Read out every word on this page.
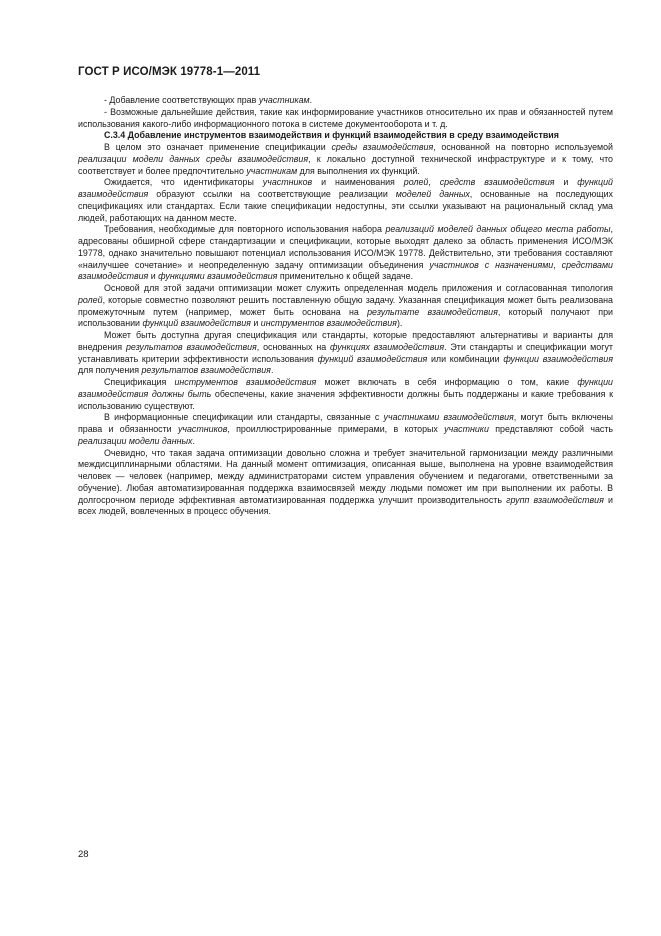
ГОСТ Р ИСО/МЭК 19778-1—2011

- Добавление соответствующих прав участникам.

- Возможные дальнейшие действия, такие как информирование участников относительно их прав и обязанностей путем использования какого-либо информационного потока в системе документооборота и т. д.

С.3.4 Добавление инструментов взаимодействия и функций взаимодействия в среду взаимодействия

В целом это означает применение спецификации среды взаимодействия, основанной на повторно используемой реализации модели данных среды взаимодействия, к локально доступной технической инфраструктуре и к тому, что соответствует и более предпочтительно участникам для выполнения их функций.

Ожидается, что идентификаторы участников и наименования ролей, средств взаимодействия и функций взаимодействия образуют ссылки на соответствующие реализации моделей данных, основанные на последующих спецификациях или стандартах. Если такие спецификации недоступны, эти ссылки указывают на рациональный склад ума людей, работающих на данном месте.

Требования, необходимые для повторного использования набора реализаций моделей данных общего места работы, адресованы обширной сфере стандартизации и спецификации, которые выходят далеко за область применения ИСО/МЭК 19778, однако значительно повышают потенциал использования ИСО/МЭК 19778. Действительно, эти требования составляют «наилучшее сочетание» и неопределенную задачу оптимизации объединения участников с назначениями, средствами взаимодействия и функциями взаимодействия применительно к общей задаче.

Основой для этой задачи оптимизации может служить определенная модель приложения и согласованная типология ролей, которые совместно позволяют решить поставленную общую задачу. Указанная спецификация может быть реализована промежуточным путем (например, может быть основана на результате взаимодействия, который получают при использовании функций взаимодействия и инструментов взаимодействия).

Может быть доступна другая спецификация или стандарты, которые предоставляют альтернативы и варианты для внедрения результатов взаимодействия, основанных на функциях взаимодействия. Эти стандарты и спецификации могут устанавливать критерии эффективности использования функций взаимодействия или комбинации функции взаимодействия для получения результатов взаимодействия.

Спецификация инструментов взаимодействия может включать в себя информацию о том, какие функции взаимодействия должны быть обеспечены, какие значения эффективности должны быть поддержаны и какие требования к использованию существуют.

В информационные спецификации или стандарты, связанные с участниками взаимодействия, могут быть включены права и обязанности участников, проиллюстрированные примерами, в которых участники представляют собой часть реализации модели данных.

Очевидно, что такая задача оптимизации довольно сложна и требует значительной гармонизации между различными междисциплинарными областями. На данный момент оптимизация, описанная выше, выполнена на уровне взаимодействия человек — человек (например, между администраторами систем управления обучением и педагогами, ответственными за обучение). Любая автоматизированная поддержка взаимосвязей между людьми поможет им при выполнении их работы. В долгосрочном периоде эффективная автоматизированная поддержка улучшит производительность групп взаимодействия и всех людей, вовлеченных в процесс обучения.

28
